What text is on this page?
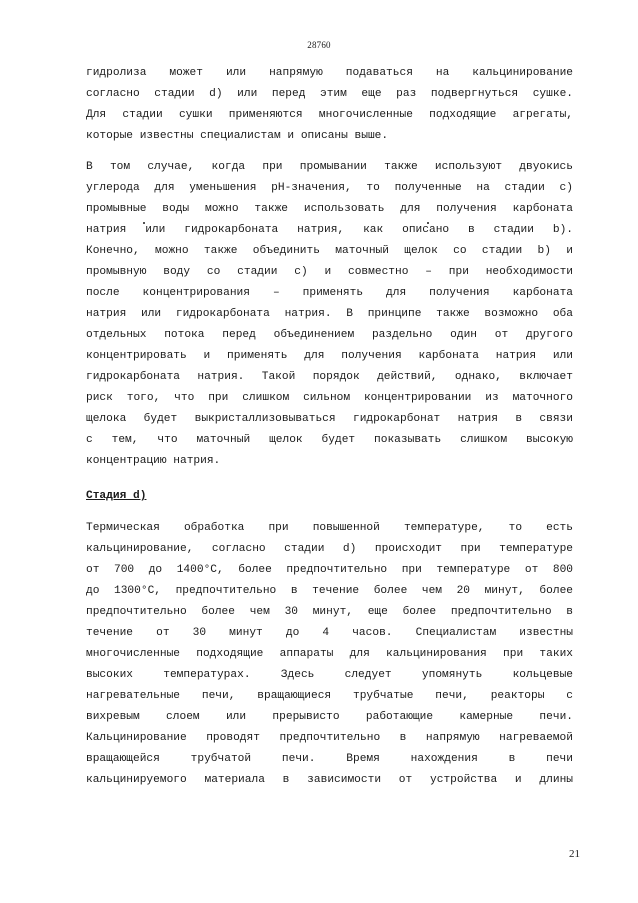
28760
гидролиза может или напрямую подаваться на кальцинирование
согласно стадии d) или перед этим еще раз подвергнуться сушке.
Для стадии сушки применяются многочисленные подходящие агрегаты,
которые известны специалистам и описаны выше.
В том случае, когда при промывании также используют двуокись
углерода для уменьшения pH-значения, то полученные на стадии c)
промывные воды можно также использовать для получения карбоната
натрия или гидрокарбоната натрия, как описано в стадии b).
Конечно, можно также объединить маточный щелок со стадии b) и
промывную воду со стадии c) и совместно – при необходимости
после концентрирования – применять для получения карбоната
натрия или гидрокарбоната натрия. В принципе также возможно оба
отдельных потока перед объединением раздельно один от другого
концентрировать и применять для получения карбоната натрия или
гидрокарбоната натрия. Такой порядок действий, однако, включает
риск того, что при слишком сильном концентрировании из маточного
щелока будет выкристаллизовываться гидрокарбонат натрия в связи
с тем, что маточный щелок будет показывать слишком высокую
концентрацию натрия.
Стадия d)
Термическая обработка при повышенной температуре, то есть
кальцинирование, согласно стадии d) происходит при температуре
от 700 до 1400°С, более предпочтительно при температуре от 800
до 1300°С, предпочтительно в течение более чем 20 минут, более
предпочтительно более чем 30 минут, еще более предпочтительно в
течение от 30 минут до 4 часов. Специалистам известны
многочисленные подходящие аппараты для кальцинирования при таких
высоких температурах. Здесь следует упомянуть кольцевые
нагревательные печи, вращающиеся трубчатые печи, реакторы с
вихревым слоем или прерывисто работающие камерные печи.
Кальцинирование проводят предпочтительно в напрямую нагреваемой
вращающейся трубчатой печи. Время нахождения в печи
кальцинируемого материала в зависимости от устройства и длины
21
